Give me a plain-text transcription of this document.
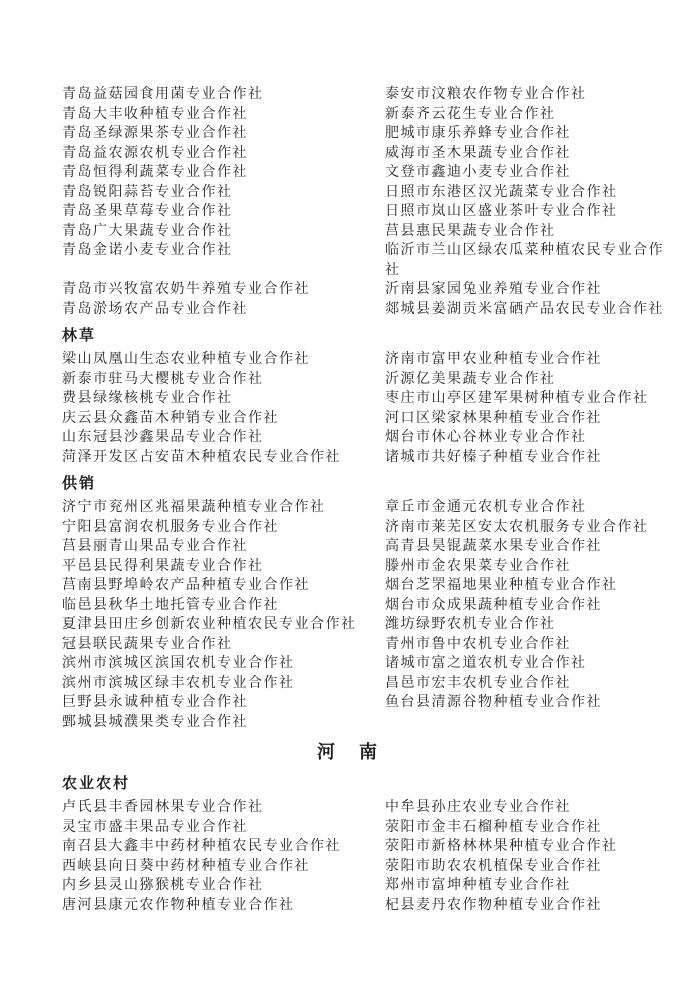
青岛益菇园食用菌专业合作社	泰安市汶粮农作物专业合作社
青岛大丰收种植专业合作社	新泰齐云花生专业合作社
青岛圣绿源果茶专业合作社	肥城市康乐养蜂专业合作社
青岛益农源农机专业合作社	威海市圣木果蔬专业合作社
青岛恒得利蔬菜专业合作社	文登市鑫迪小麦专业合作社
青岛锐阳蒜苔专业合作社	日照市东港区汉光蔬菜专业合作社
青岛圣果草莓专业合作社	日照市岚山区盛业茶叶专业合作社
青岛广大果蔬专业合作社	莒县惠民果蔬专业合作社
青岛金诺小麦专业合作社	临沂市兰山区绿农瓜菜种植农民专业合作社
青岛市兴牧富农奶牛养殖专业合作社	沂南县家园兔业养殖专业合作社
青岛淤场农产品专业合作社	郯城县姜湖贡米富硒产品农民专业合作社
林草
梁山凤凰山生态农业种植专业合作社	济南市富甲农业种植专业合作社
新泰市驻马大樱桃专业合作社	沂源亿美果蔬专业合作社
费县绿缘核桃专业合作社	枣庄市山亭区建军果树种植专业合作社
庆云县众鑫苗木种销专业合作社	河口区梁家林果种植专业合作社
山东冠县沙鑫果品专业合作社	烟台市休心谷林业专业合作社
菏泽开发区占安苗木种植农民专业合作社	诸城市共好榛子种植专业合作社
供销
济宁市兖州区兆福果蔬种植专业合作社	章丘市金通元农机专业合作社
宁阳县富润农机服务专业合作社	济南市莱芜区安太农机服务专业合作社
莒县丽青山果品专业合作社	高青县昊锟蔬菜水果专业合作社
平邑县民得利果蔬专业合作社	滕州市金农果菜专业合作社
莒南县野埠岭农产品种植专业合作社	烟台芝罘福地果业种植专业合作社
临邑县秋华土地托管专业合作社	烟台市众成果蔬种植专业合作社
夏津县田庄乡创新农业种植农民专业合作社	潍坊绿野农机专业合作社
冠县联民蔬果专业合作社	青州市鲁中农机专业合作社
滨州市滨城区滨国农机专业合作社	诸城市富之道农机专业合作社
滨州市滨城区绿丰农机专业合作社	昌邑市宏丰农机专业合作社
巨野县永诚种植专业合作社	鱼台县清源谷物种植专业合作社
鄄城县城濮果类专业合作社
河　南
农业农村
卢氏县丰香园林果专业合作社	中牟县孙庄农业专业合作社
灵宝市盛丰果品专业合作社	荥阳市金丰石榴种植专业合作社
南召县大鑫丰中药材种植农民专业合作社	荥阳市新格林林果种植专业合作社
西峡县向日葵中药材种植专业合作社	荥阳市助农农机植保专业合作社
内乡县灵山猕猴桃专业合作社	郑州市富坤种植专业合作社
唐河县康元农作物种植专业合作社	杞县麦丹农作物种植专业合作社
